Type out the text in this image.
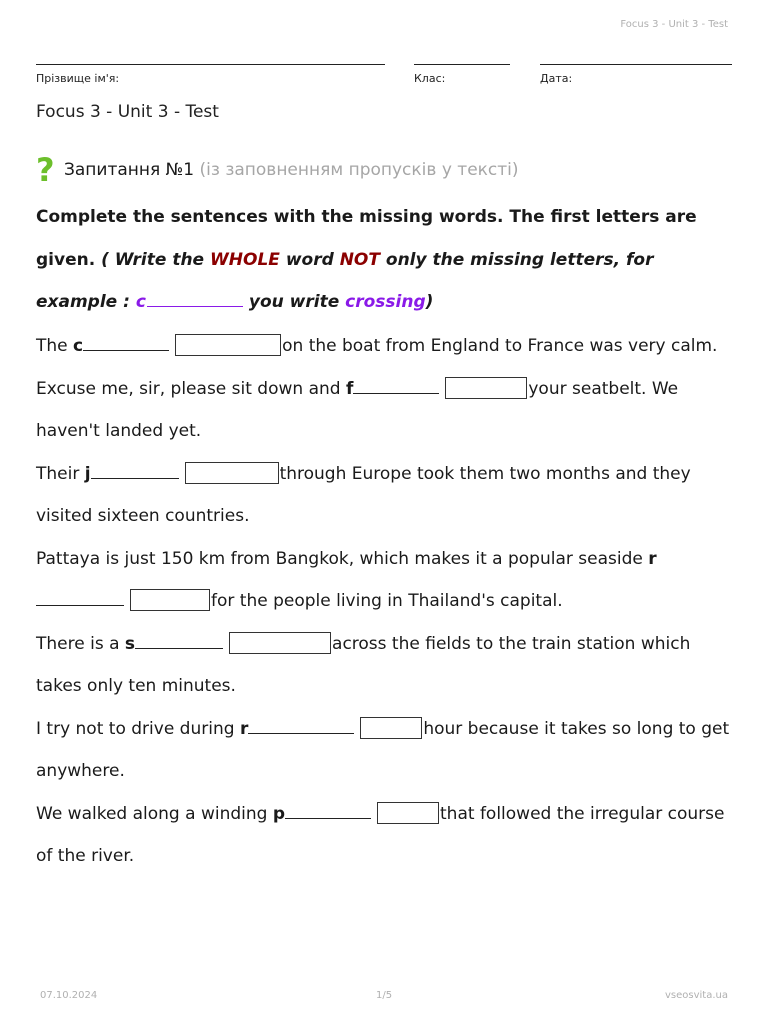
Focus 3 - Unit 3 - Test
Прізвище ім'я:	Клас:	Дата:
Focus 3 - Unit 3 - Test
? Запитання №1 (із заповненням пропусків у тексті)
Complete the sentences with the missing words. The first letters are given. ( Write the WHOLE word NOT only the missing letters, for example : c	you write crossing)

The c	on the boat from England to France was very calm.

Excuse me, sir, please sit down and f	your seatbelt. We haven't landed yet.

Their j	through Europe took them two months and they visited sixteen countries.

Pattaya is just 150 km from Bangkok, which makes it a popular seaside rfor the people living in Thailand's capital.

There is a s	across the fields to the train station which takes only ten minutes.

I try not to drive during r	hour because it takes so long to get anywhere.

We walked along a winding p	that followed the irregular course of the river.

07.10.2024	1/5	vseosvita.ua
